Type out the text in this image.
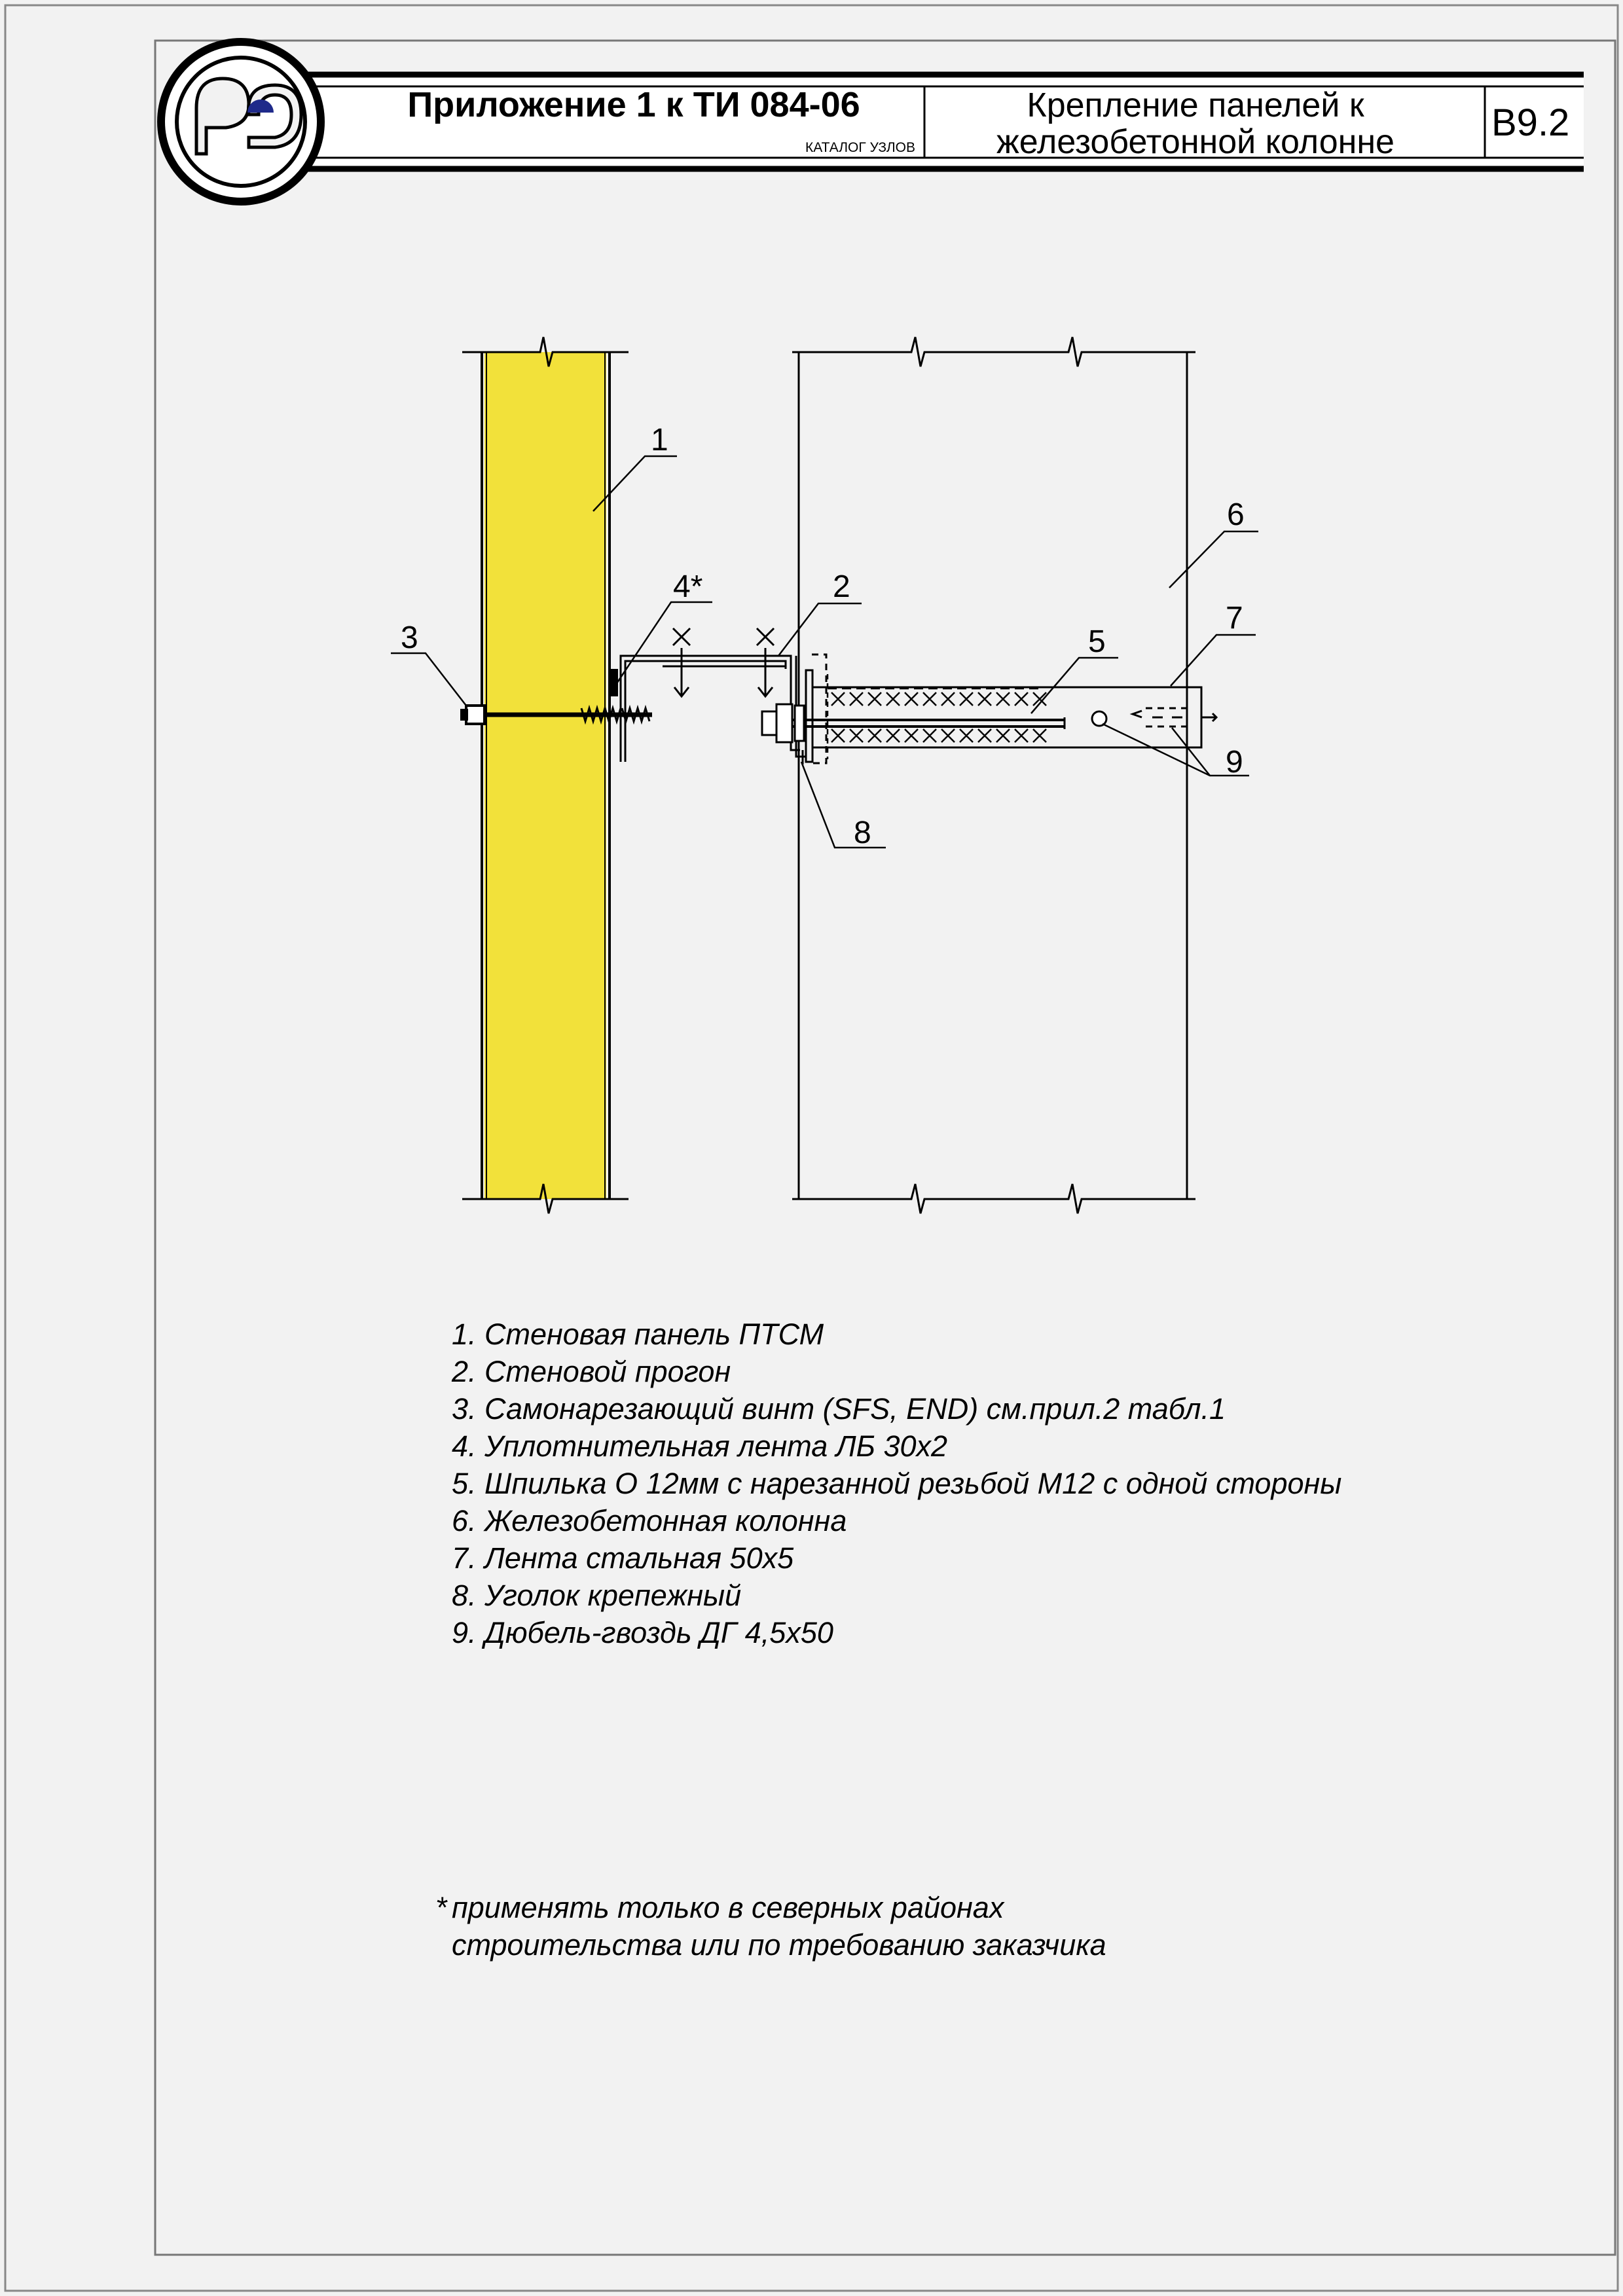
Приложение 1 к ТИ 084-06
КАТАЛОГ УЗЛОВ
Крепление панелей к
железобетонной колонне	B9.2
1
2
3
4*
5
6
7
8
9
1. Стеновая панель ПТСМ
2. Стеновой прогон
3. Самонарезающий винт (SFS, END) см.прил.2 табл.1
4. Уплотнительная лента ЛБ 30х2
5. Шпилька О 12мм с нарезанной резьбой М12 с одной стороны
6. Железобетонная колонна
7. Лента стальная 50х5
8. Уголок крепежный
9. Дюбель-гвоздь ДГ 4,5х50
* применять только в северных районах
строительства или по требованию заказчика
